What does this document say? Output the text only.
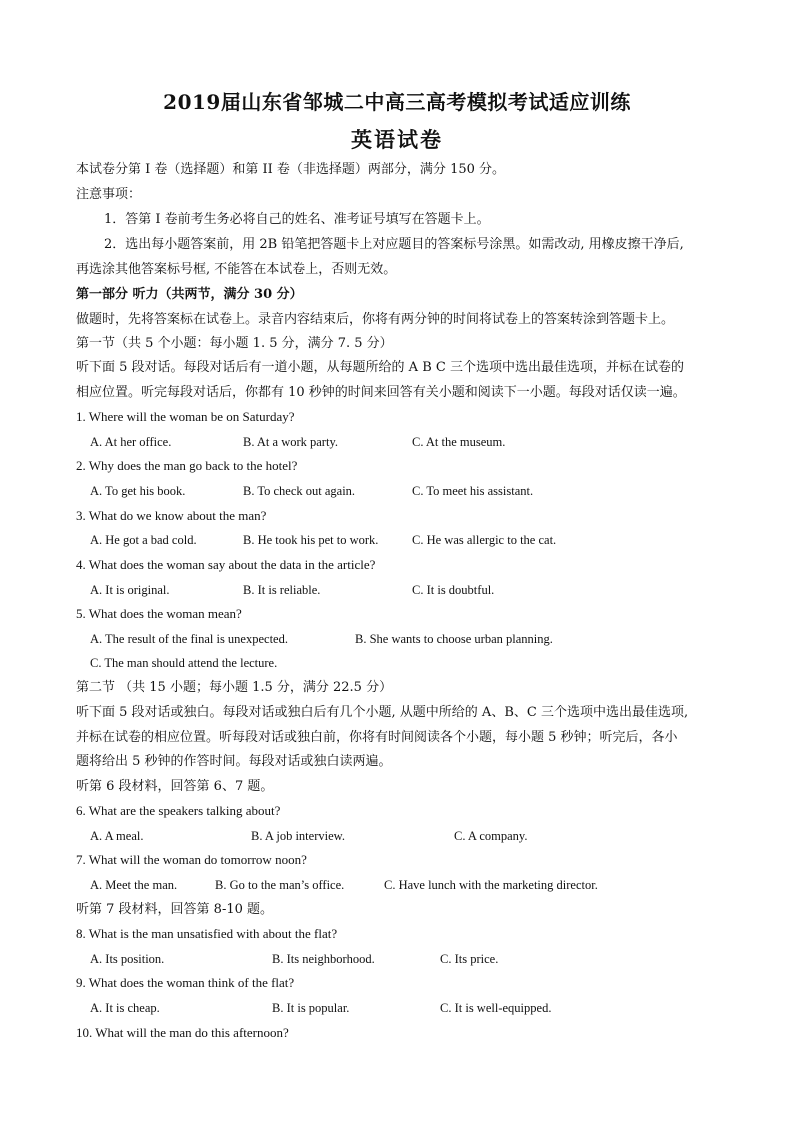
2019届山东省邹城二中高三高考模拟考试适应训练
英语试卷
本试卷分第 I 卷（选择题）和第 II 卷（非选择题）两部分，满分 150 分。
注意事项：
1．答第 I 卷前考生务必将自己的姓名、准考证号填写在答题卡上。
2．选出每小题答案前，用 2B 铅笔把答题卡上对应题目的答案标号涂黑。如需改动, 用橡皮擦干净后,
再选涂其他答案标号框, 不能答在本试卷上，否则无效。
第一部分 听力（共两节，满分 30 分）
做题时，先将答案标在试卷上。录音内容结束后，你将有两分钟的时间将试卷上的答案转涂到答题卡上。
第一节（共 5 个小题：每小题 1. 5 分，满分 7. 5 分）
听下面 5 段对话。每段对话后有一道小题，从每题所给的 A B C 三个选项中选出最佳选项，并标在试卷的
相应位置。听完每段对话后，你都有 10 秒钟的时间来回答有关小题和阅读下一小题。每段对话仅读一遍。
1. Where will the woman be on Saturday?
A. At her office.	B. At a work party.	C. At the museum.
2. Why does the man go back to the hotel?
A. To get his book.	B. To check out again.	C. To meet his assistant.
3. What do we know about the man?
A. He got a bad cold.	B. He took his pet to work.	C. He was allergic to the cat.
4. What does the woman say about the data in the article?
A. It is original.	B. It is reliable.	C. It is doubtful.
5. What does the woman mean?
A. The result of the final is unexpected.	B. She wants to choose urban planning.
C. The man should attend the lecture.
第二节 （共 15 小题；每小题 1.5 分，满分 22.5 分）
听下面 5 段对话或独白。每段对话或独白后有几个小题, 从题中所给的 A、B、C 三个选项中选出最佳选项,
并标在试卷的相应位置。听每段对话或独白前，你将有时间阅读各个小题，每小题 5 秒钟；听完后，各小
题将给出 5 秒钟的作答时间。每段对话或独白读两遍。
听第 6 段材料，回答第 6、7 题。
6. What are the speakers talking about?
A. A meal.	B. A job interview.	C. A company.
7. What will the woman do tomorrow noon?
A. Meet the man.	B. Go to the man’s office.	C. Have lunch with the marketing director.
听第 7 段材料，回答第 8-10 题。
8. What is the man unsatisfied with about the flat?
A. Its position.	B. Its neighborhood.	C. Its price.
9. What does the woman think of the flat?
A. It is cheap.	B. It is popular.	C. It is well-equipped.
10. What will the man do this afternoon?
